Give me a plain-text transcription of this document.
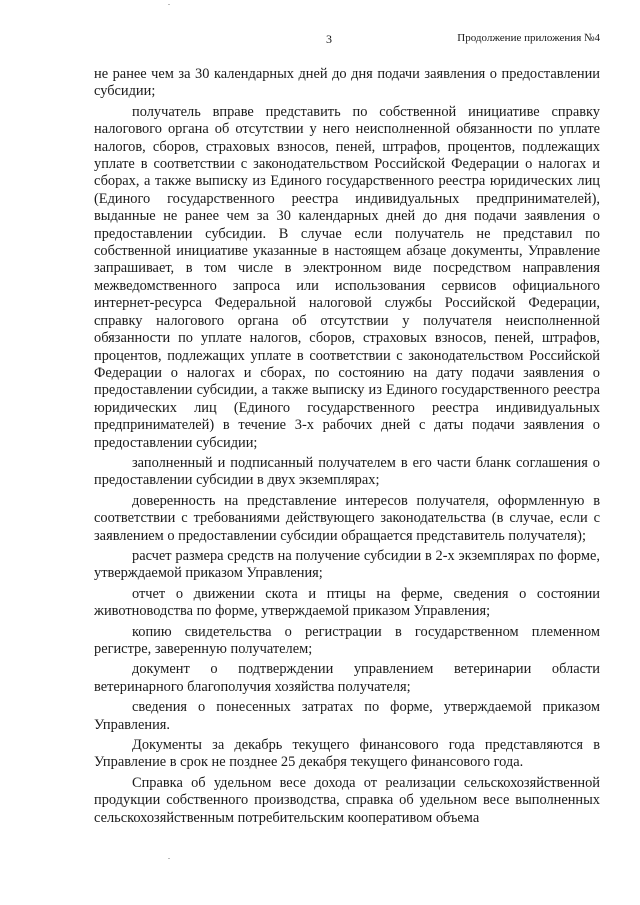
3	Продолжение приложения №4

не ранее чем за 30 календарных дней до дня подачи заявления о предоставлении субсидии;

получатель вправе представить по собственной инициативе справку налогового органа об отсутствии у него неисполненной обязанности по уплате налогов, сборов, страховых взносов, пеней, штрафов, процентов, подлежащих уплате в соответствии с законодательством Российской Федерации о налогах и сборах, а также выписку из Единого государственного реестра юридических лиц (Единого государственного реестра индивидуальных предпринимателей), выданные не ранее чем за 30 календарных дней до дня подачи заявления о предоставлении субсидии. В случае если получатель не представил по собственной инициативе указанные в настоящем абзаце документы, Управление запрашивает, в том числе в электронном виде посредством направления межведомственного запроса или использования сервисов официального интернет-ресурса Федеральной налоговой службы Российской Федерации, справку налогового органа об отсутствии у получателя неисполненной обязанности по уплате налогов, сборов, страховых взносов, пеней, штрафов, процентов, подлежащих уплате в соответствии с законодательством Российской Федерации о налогах и сборах, по состоянию на дату подачи заявления о предоставлении субсидии, а также выписку из Единого государственного реестра юридических лиц (Единого государственного реестра индивидуальных предпринимателей) в течение 3-х рабочих дней с даты подачи заявления о предоставлении субсидии;

заполненный и подписанный получателем в его части бланк соглашения о предоставлении субсидии в двух экземплярах;

доверенность на представление интересов получателя, оформленную в соответствии с требованиями действующего законодательства (в случае, если с заявлением о предоставлении субсидии обращается представитель получателя);

расчет размера средств на получение субсидии в 2-х экземплярах по форме, утверждаемой приказом Управления;

отчет о движении скота и птицы на ферме, сведения о состоянии животноводства по форме, утверждаемой приказом Управления;

копию свидетельства о регистрации в государственном племенном регистре, заверенную получателем;

документ о подтверждении управлением ветеринарии области ветеринарного благополучия хозяйства получателя;

сведения о понесенных затратах по форме, утверждаемой приказом Управления.

Документы за декабрь текущего финансового года представляются в Управление в срок не позднее 25 декабря текущего финансового года.

Справка об удельном весе дохода от реализации сельскохозяйственной продукции собственного производства, справка об удельном весе выполненных сельскохозяйственным потребительским кооперативом объема
